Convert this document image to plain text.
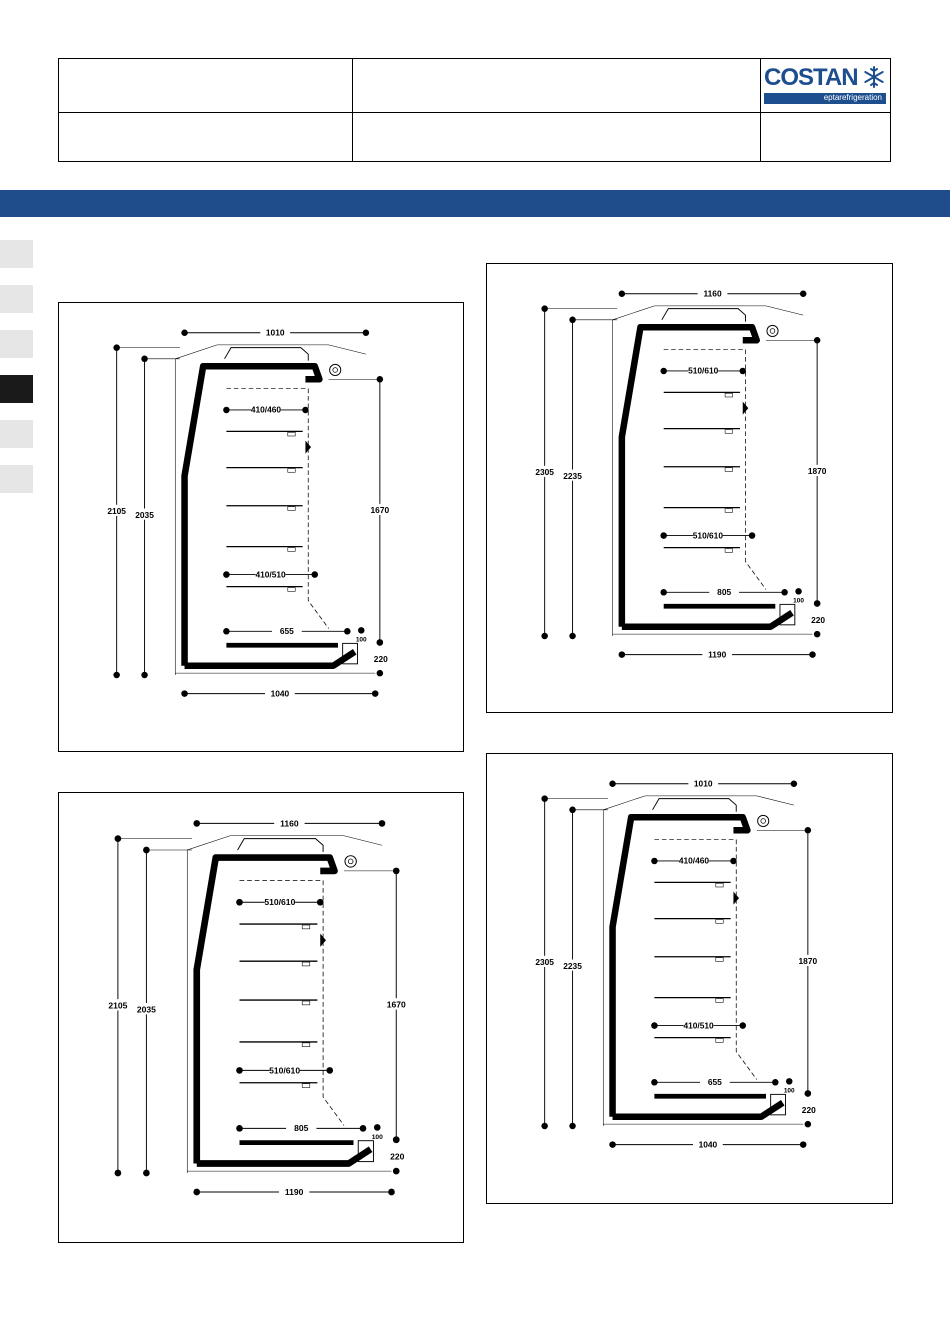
COSTAN
eptarefrigeration
1010
1040
410/460
410/510
655
2105 2035	1670
100
220
1160
1190
510/610
510/610
805
2305 2235	1870
100
220
1160
1190
510/610
510/610
805
2105 2035	1670
100
220
1010
1040
410/460
410/510
655
2305 2235	1870
100
220
